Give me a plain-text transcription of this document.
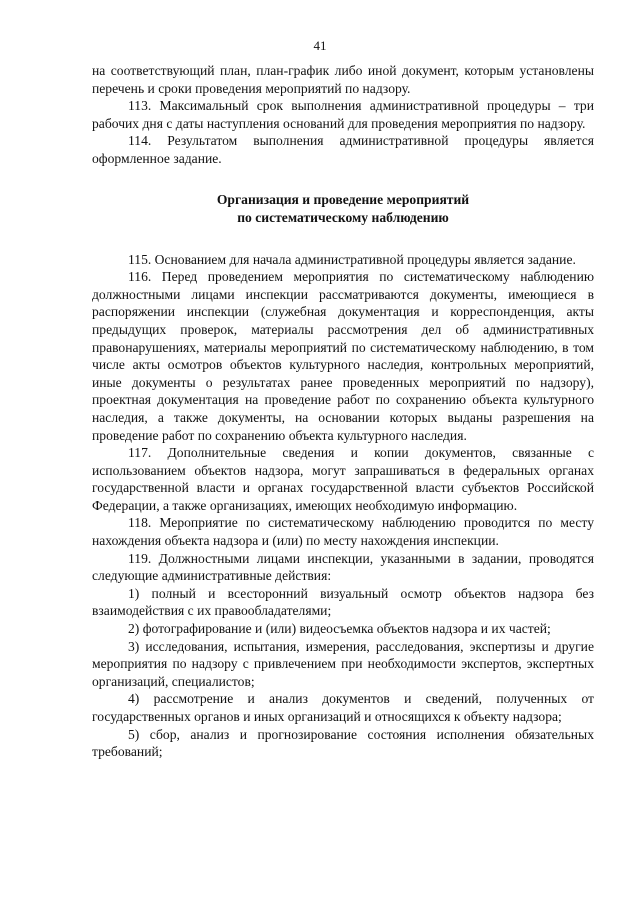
41

на соответствующий план, план-график либо иной документ, которым установлены перечень и сроки проведения мероприятий по надзору.

113. Максимальный срок выполнения административной процедуры – три рабочих дня с даты наступления оснований для проведения мероприятия по надзору.

114. Результатом выполнения административной процедуры является оформленное задание.

Организация и проведение мероприятий
по систематическому наблюдению

115. Основанием для начала административной процедуры является задание.

116. Перед проведением мероприятия по систематическому наблюдению должностными лицами инспекции рассматриваются документы, имеющиеся в распоряжении инспекции (служебная документация и корреспонденция, акты предыдущих проверок, материалы рассмотрения дел об административных правонарушениях, материалы мероприятий по систематическому наблюдению, в том числе акты осмотров объектов культурного наследия, контрольных мероприятий, иные документы о результатах ранее проведенных мероприятий по надзору), проектная документация на проведение работ по сохранению объекта культурного наследия, а также документы, на основании которых выданы разрешения на проведение работ по сохранению объекта культурного наследия.

117. Дополнительные сведения и копии документов, связанные с использованием объектов надзора, могут запрашиваться в федеральных органах государственной власти и органах государственной власти субъектов Российской Федерации, а также организациях, имеющих необходимую информацию.

118. Мероприятие по систематическому наблюдению проводится по месту нахождения объекта надзора и (или) по месту нахождения инспекции.

119. Должностными лицами инспекции, указанными в задании, проводятся следующие административные действия:

1) полный и всесторонний визуальный осмотр объектов надзора без взаимодействия с их правообладателями;

2) фотографирование и (или) видеосъемка объектов надзора и их частей;

3) исследования, испытания, измерения, расследования, экспертизы и другие мероприятия по надзору с привлечением при необходимости экспертов, экспертных организаций, специалистов;

4) рассмотрение и анализ документов и сведений, полученных от государственных органов и иных организаций и относящихся к объекту надзора;

5) сбор, анализ и прогнозирование состояния исполнения обязательных требований;
